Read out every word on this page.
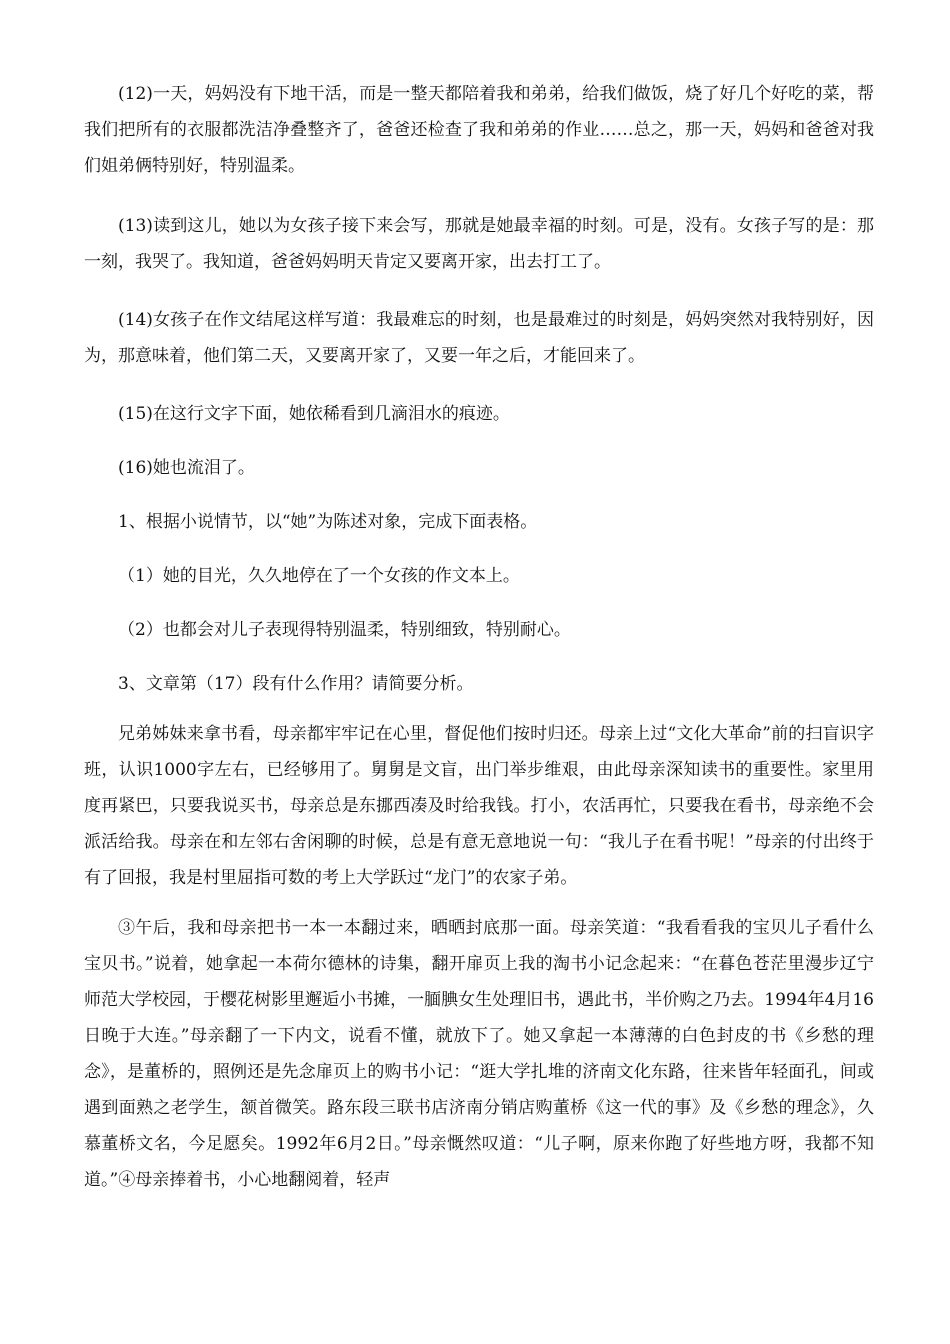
(12)一天，妈妈没有下地干活，而是一整天都陪着我和弟弟，给我们做饭，烧了好几个好吃的菜，帮我们把所有的衣服都洗洁净叠整齐了，爸爸还检查了我和弟弟的作业……总之，那一天，妈妈和爸爸对我们姐弟俩特别好，特别温柔。

(13)读到这儿，她以为女孩子接下来会写，那就是她最幸福的时刻。可是，没有。女孩子写的是：那一刻，我哭了。我知道，爸爸妈妈明天肯定又要离开家，出去打工了。

(14)女孩子在作文结尾这样写道：我最难忘的时刻，也是最难过的时刻是，妈妈突然对我特别好，因为，那意味着，他们第二天，又要离开家了，又要一年之后，才能回来了。

(15)在这行文字下面，她依稀看到几滴泪水的痕迹。

(16)她也流泪了。

1、根据小说情节，以“她”为陈述对象，完成下面表格。

（1）她的目光，久久地停在了一个女孩的作文本上。

（2）也都会对儿子表现得特别温柔，特别细致，特别耐心。

3、文章第（17）段有什么作用？请简要分析。

兄弟姊妹来拿书看，母亲都牢牢记在心里，督促他们按时归还。母亲上过“文化大革命”前的扫盲识字班，认识1000字左右，已经够用了。舅舅是文盲，出门举步维艰，由此母亲深知读书的重要性。家里用度再紧巴，只要我说买书，母亲总是东挪西凑及时给我钱。打小，农活再忙，只要我在看书，母亲绝不会派活给我。母亲在和左邻右舍闲聊的时候，总是有意无意地说一句：“我儿子在看书呢！”母亲的付出终于有了回报，我是村里屈指可数的考上大学跃过“龙门”的农家子弟。

③午后，我和母亲把书一本一本翻过来，晒晒封底那一面。母亲笑道：“我看看我的宝贝儿子看什么宝贝书。”说着，她拿起一本荷尔德林的诗集，翻开扉页上我的淘书小记念起来：“在暮色苍茫里漫步辽宁师范大学校园，于樱花树影里邂逅小书摊，一腼腆女生处理旧书，遇此书，半价购之乃去。1994年4月16日晚于大连。”母亲翻了一下内文，说看不懂，就放下了。她又拿起一本薄薄的白色封皮的书《乡愁的理念》，是董桥的，照例还是先念扉页上的购书小记：“逛大学扎堆的济南文化东路，往来皆年轻面孔，间或遇到面熟之老学生，颔首微笑。路东段三联书店济南分销店购董桥《这一代的事》及《乡愁的理念》，久慕董桥文名，今足愿矣。1992年6月2日。”母亲慨然叹道：“儿子啊，原来你跑了好些地方呀，我都不知道。”④母亲捧着书，小心地翻阅着，轻声
